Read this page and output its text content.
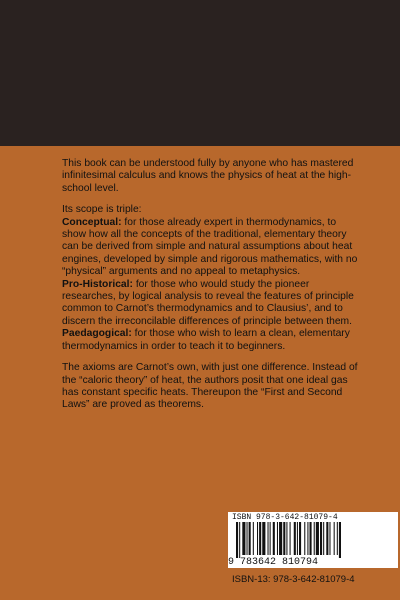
This book can be understood fully by anyone who has mastered infinitesimal calculus and knows the physics of heat at the high-school level.

Its scope is triple:

Conceptual: for those already expert in thermodynamics, to show how all the concepts of the traditional, elementary theory can be derived from simple and natural assumptions about heat engines, developed by simple and rigorous mathematics, with no “physical” arguments and no appeal to metaphysics.

Pro-Historical: for those who would study the pioneer researches, by logical analysis to reveal the features of principle common to Carnot’s thermodynamics and to Clausius’, and to discern the irreconcilable differences of principle between them.

Paedagogical: for those who wish to learn a clean, elementary thermodynamics in order to teach it to beginners.

The axioms are Carnot’s own, with just one difference. Instead of the “caloric theory” of heat, the authors posit that one ideal gas has constant specific heats. Thereupon the “First and Second Laws” are proved as theorems.

ISBN 978-3-642-81079-4
9 783642 810794
ISBN-13: 978-3-642-81079-4
